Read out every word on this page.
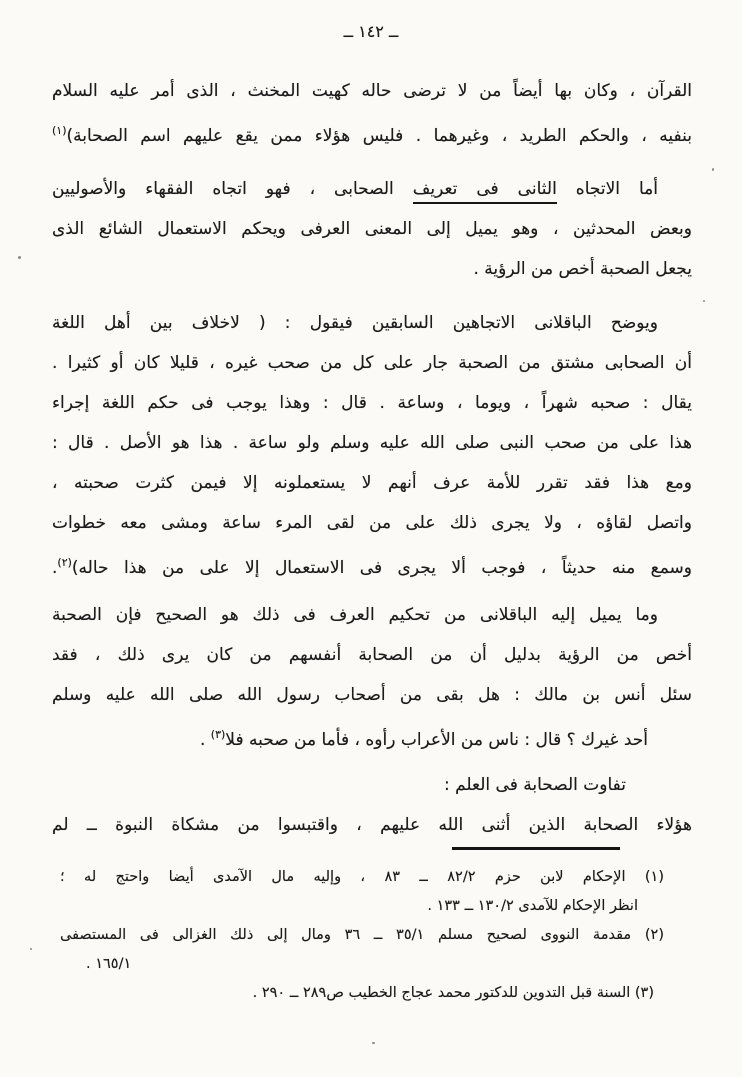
ــ ١٤٢ ــ
القرآن ، وكان بها أيضاً من لا ترضى حاله كهيت المخنث ، الذى أمر عليه السلام
بنفيه ، والحكم الطريد ، وغيرهما . فليس هؤلاء ممن يقع عليهم اسم الصحابة)$^{(١)}$
أما الاتجاه الثانى فى تعريف الصحابى ، فهو اتجاه الفقهاء والأصوليين
وبعض المحدثين ، وهو يميل إلى المعنى العرفى ويحكم الاستعمال الشائع الذى
يجعل الصحبة أخص من الرؤية .
ويوضح الباقلانى الاتجاهين السابقين فيقول : ( لاخلاف بين أهل اللغة
أن الصحابى مشتق من الصحبة جار على كل من صحب غيره ، قليلا كان أو كثيرا .
يقال : صحبه شهراً ، ويوما ، وساعة . قال : وهذا يوجب فى حكم اللغة إجراء
هذا على من صحب النبى صلى الله عليه وسلم ولو ساعة . هذا هو الأصل . قال :
ومع هذا فقد تقرر للأمة عرف أنهم لا يستعملونه إلا فيمن كثرت صحبته ،
واتصل لقاؤه ، ولا يجرى ذلك على من لقى المرء ساعة ومشى معه خطوات
وسمع منه حديثاً ، فوجب ألا يجرى فى الاستعمال إلا على من هذا حاله)$^{(٢)}$.
وما يميل إليه الباقلانى من تحكيم العرف فى ذلك هو الصحيح فإن الصحبة
أخص من الرؤية بدليل أن من الصحابة أنفسهم من كان يرى ذلك ، فقد
سئل أنس بن مالك : هل بقى من أصحاب رسول الله صلى الله عليه وسلم
أحد غيرك ؟ قال : ناس من الأعراب رأوه ، فأما من صحبه فلا$^{(٣)}$ .
تفاوت الصحابة فى العلم :
هؤلاء الصحابة الذين أثنى الله عليهم ، واقتبسوا من مشكاة النبوة ــ لم
(١) الإحكام لابن حزم ٨٢/٢ ــ ٨٣ ، وإليه مال الآمدى أيضا واحتج له ؛
انظر الإحكام للآمدى ١٣٠/٢ ــ ١٣٣ .
(٢) مقدمة النووى لصحيح مسلم ٣٥/١ ــ ٣٦ ومال إلى ذلك الغزالى فى المستصفى
١٦٥/١ .
(٣) السنة قبل التدوين للدكتور محمد عجاج الخطيب ص٢٨٩ ــ ٢٩٠ .
